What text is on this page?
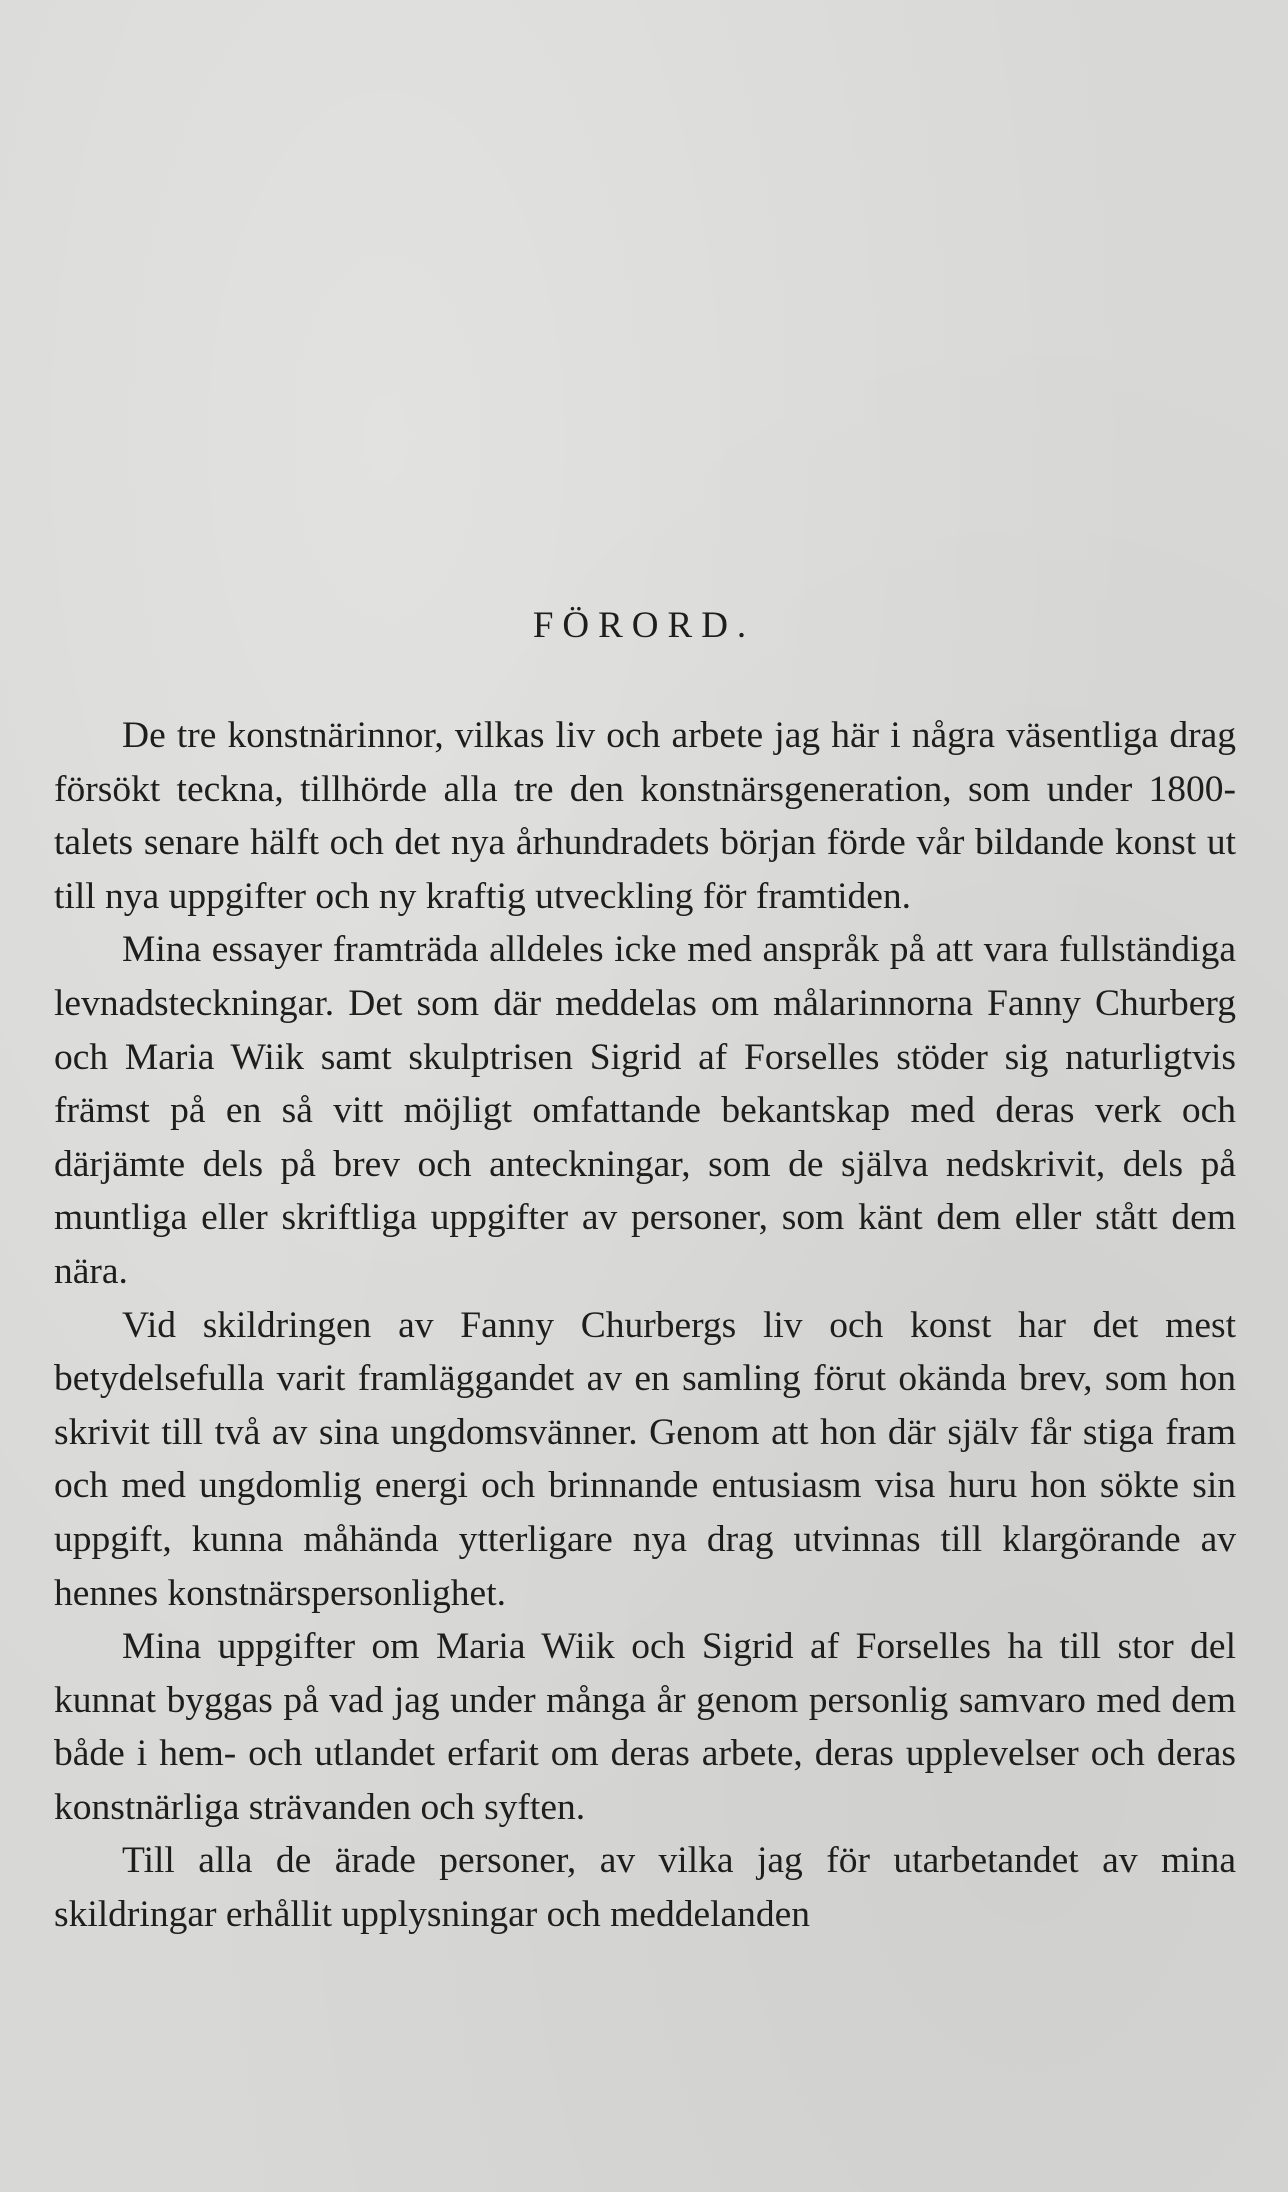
FÖRORD.

De tre konstnärinnor, vilkas liv och arbete jag här i några väsentliga drag försökt teckna, tillhörde alla tre den konstnärsgeneration, som under 1800-talets senare hälft och det nya århundradets början förde vår bildande konst ut till nya uppgifter och ny kraftig utveckling för framtiden.

Mina essayer framträda alldeles icke med anspråk på att vara fullständiga levnadsteckningar. Det som där meddelas om målarinnorna Fanny Churberg och Maria Wiik samt skulptrisen Sigrid af Forselles stöder sig naturligtvis främst på en så vitt möjligt omfattande bekantskap med deras verk och därjämte dels på brev och anteckningar, som de själva nedskrivit, dels på muntliga eller skriftliga uppgifter av personer, som känt dem eller stått dem nära.

Vid skildringen av Fanny Churbergs liv och konst har det mest betydelsefulla varit framläggandet av en samling förut okända brev, som hon skrivit till två av sina ungdomsvänner. Genom att hon där själv får stiga fram och med ungdomlig energi och brinnande entusiasm visa huru hon sökte sin uppgift, kunna måhända ytterligare nya drag utvinnas till klargörande av hennes konstnärspersonlighet.

Mina uppgifter om Maria Wiik och Sigrid af Forselles ha till stor del kunnat byggas på vad jag under många år genom personlig samvaro med dem både i hem- och utlandet erfarit om deras arbete, deras upplevelser och deras konstnärliga strävanden och syften.

Till alla de ärade personer, av vilka jag för utarbetandet av mina skildringar erhållit upplysningar och meddelanden
